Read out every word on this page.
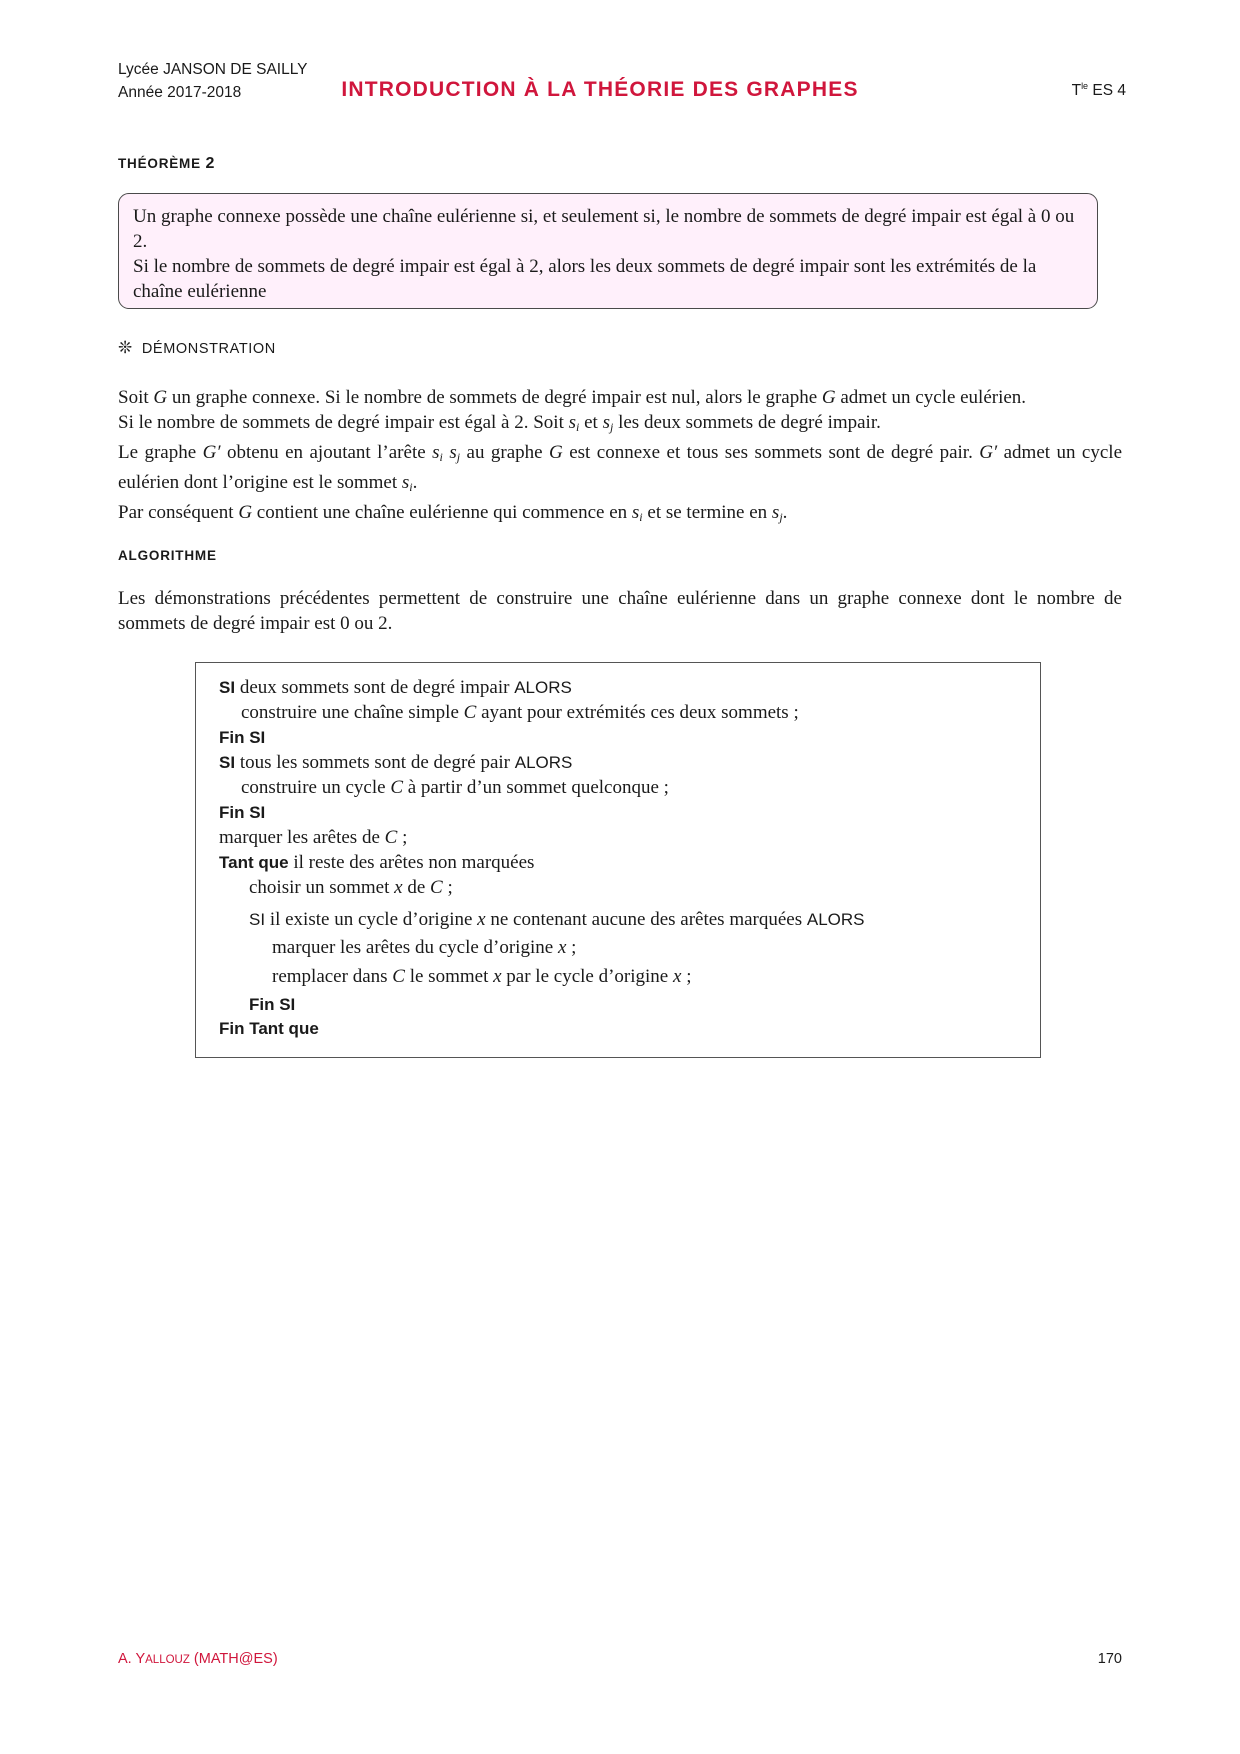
Lycée JANSON DE SAILLY
Année 2017-2018	INTRODUCTION À LA THÉORIE DES GRAPHES	$T^{le}$ ES 4
THÉORÈME 2
Un graphe connexe possède une chaîne eulérienne si, et seulement si, le nombre de sommets de degré impair est égal à 0 ou 2.
Si le nombre de sommets de degré impair est égal à 2, alors les deux sommets de degré impair sont les extrémités de la chaîne eulérienne
❊ DÉMONSTRATION

Soit G un graphe connexe. Si le nombre de sommets de degré impair est nul, alors le graphe G admet un cycle eulérien.

Si le nombre de sommets de degré impair est égal à 2. Soit $s_i$ et $s_j$ les deux sommets de degré impair.

Le graphe G′ obtenu en ajoutant l’arête $s_i$ $s_j$ au graphe G est connexe et tous ses sommets sont de degré pair. G′ admet un cycle eulérien dont l’origine est le sommet $s_i$.

Par conséquent G contient une chaîne eulérienne qui commence en $s_i$ et se termine en $s_j$.

ALGORITHME
Les démonstrations précédentes permettent de construire une chaîne eulérienne dans un graphe connexe dont le nombre de sommets de degré impair est 0 ou 2.
SI deux sommets sont de degré impair ALORS
construire une chaîne simple C ayant pour extrémités ces deux sommets ;
Fin SI
SI tous les sommets sont de degré pair ALORS
construire un cycle C à partir d’un sommet quelconque ;
Fin SI
marquer les arêtes de C ;
Tant que il reste des arêtes non marquées
choisir un sommet x de C ;
SI il existe un cycle d’origine x ne contenant aucune des arêtes marquées ALORS
marquer les arêtes du cycle d’origine x ;
remplacer dans C le sommet x par le cycle d’origine x ;
Fin SI
Fin Tant que
A. YALLOUZ (MATH@ES)	170
